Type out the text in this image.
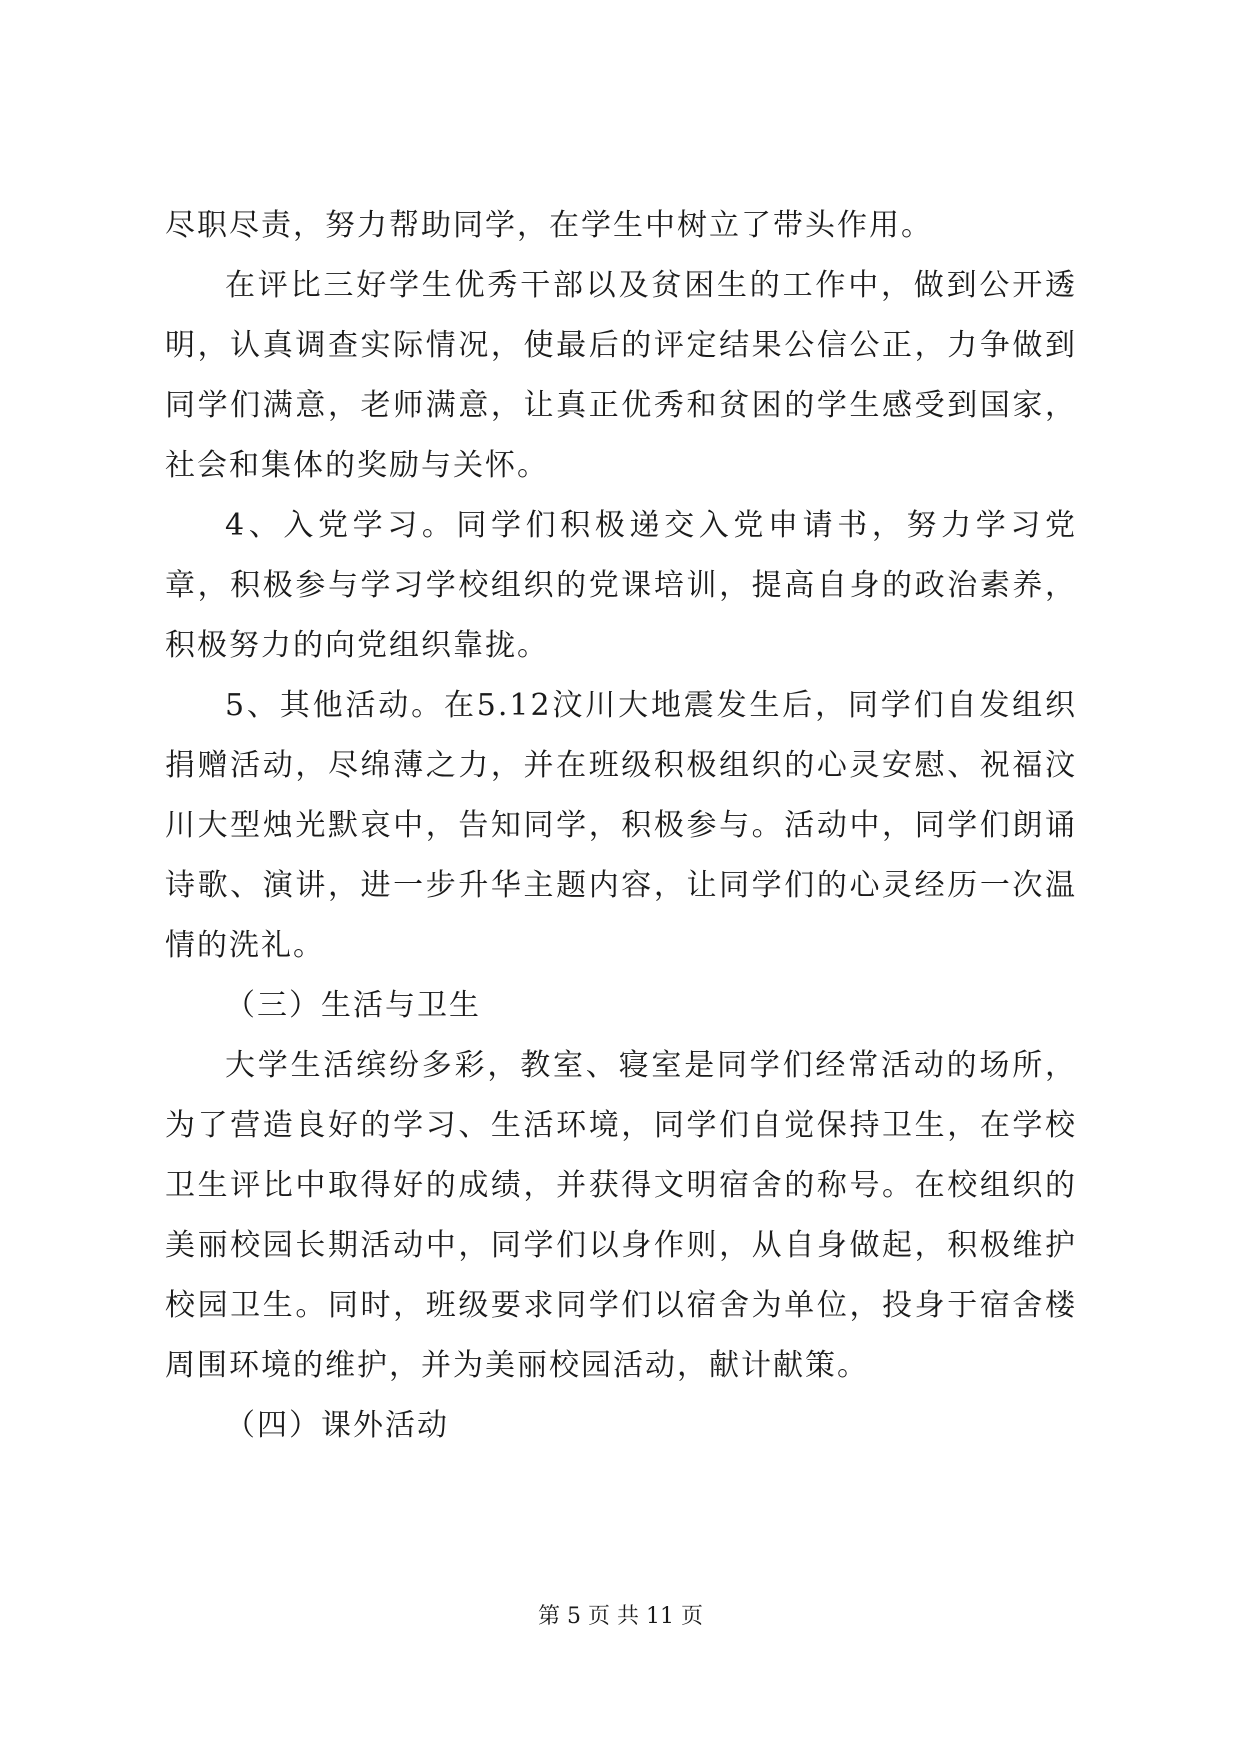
尽职尽责，努力帮助同学，在学生中树立了带头作用。

在评比三好学生优秀干部以及贫困生的工作中，做到公开透明，认真调查实际情况，使最后的评定结果公信公正，力争做到同学们满意，老师满意，让真正优秀和贫困的学生感受到国家，社会和集体的奖励与关怀。

4、入党学习。同学们积极递交入党申请书，努力学习党章，积极参与学习学校组织的党课培训，提高自身的政治素养，积极努力的向党组织靠拢。

5、其他活动。在5.12汶川大地震发生后，同学们自发组织捐赠活动，尽绵薄之力，并在班级积极组织的心灵安慰、祝福汶川大型烛光默哀中，告知同学，积极参与。活动中，同学们朗诵诗歌、演讲，进一步升华主题内容，让同学们的心灵经历一次温情的洗礼。

（三）生活与卫生

大学生活缤纷多彩，教室、寝室是同学们经常活动的场所，为了营造良好的学习、生活环境，同学们自觉保持卫生，在学校卫生评比中取得好的成绩，并获得文明宿舍的称号。在校组织的美丽校园长期活动中，同学们以身作则，从自身做起，积极维护校园卫生。同时，班级要求同学们以宿舍为单位，投身于宿舍楼周围环境的维护，并为美丽校园活动，献计献策。

（四）课外活动

第 5 页 共 11 页
